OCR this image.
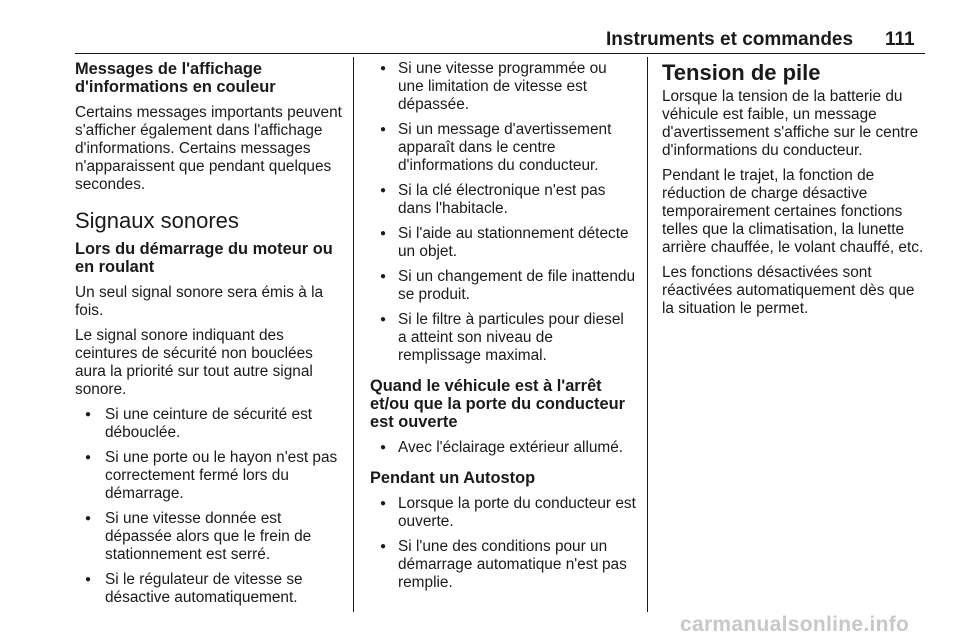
Instruments et commandes 111
Messages de l'affichage d'informations en couleur

Certains messages importants peuvent s'afficher également dans l'affichage d'informations. Certains messages n'apparaissent que pendant quelques secondes.

Signaux sonores
Lors du démarrage du moteur ou en roulant

Un seul signal sonore sera émis à la fois.

Le signal sonore indiquant des ceintures de sécurité non bouclées aura la priorité sur tout autre signal sonore.

● Si une ceinture de sécurité est débouclée.
● Si une porte ou le hayon n'est pas correctement fermé lors du démarrage.
● Si une vitesse donnée est dépassée alors que le frein de stationnement est serré.
● Si le régulateur de vitesse se désactive automatiquement.
● Si une vitesse programmée ou une limitation de vitesse est dépassée.
● Si un message d'avertissement apparaît dans le centre d'informations du conducteur.
● Si la clé électronique n'est pas dans l'habitacle.
● Si l'aide au stationnement détecte un objet.
● Si un changement de file inattendu se produit.
● Si le filtre à particules pour diesel a atteint son niveau de remplissage maximal.
Quand le véhicule est à l'arrêt et/ou que la porte du conducteur est ouverte
● Avec l'éclairage extérieur allumé.
Pendant un Autostop
● Lorsque la porte du conducteur est ouverte.
● Si l'une des conditions pour un démarrage automatique n'est pas remplie.
Tension de pile

Lorsque la tension de la batterie du véhicule est faible, un message d'avertissement s'affiche sur le centre d'informations du conducteur.

Pendant le trajet, la fonction de réduction de charge désactive temporairement certaines fonctions telles que la climatisation, la lunette arrière chauffée, le volant chauffé, etc.

Les fonctions désactivées sont réactivées automatiquement dès que la situation le permet.

carmanualsonline.info
